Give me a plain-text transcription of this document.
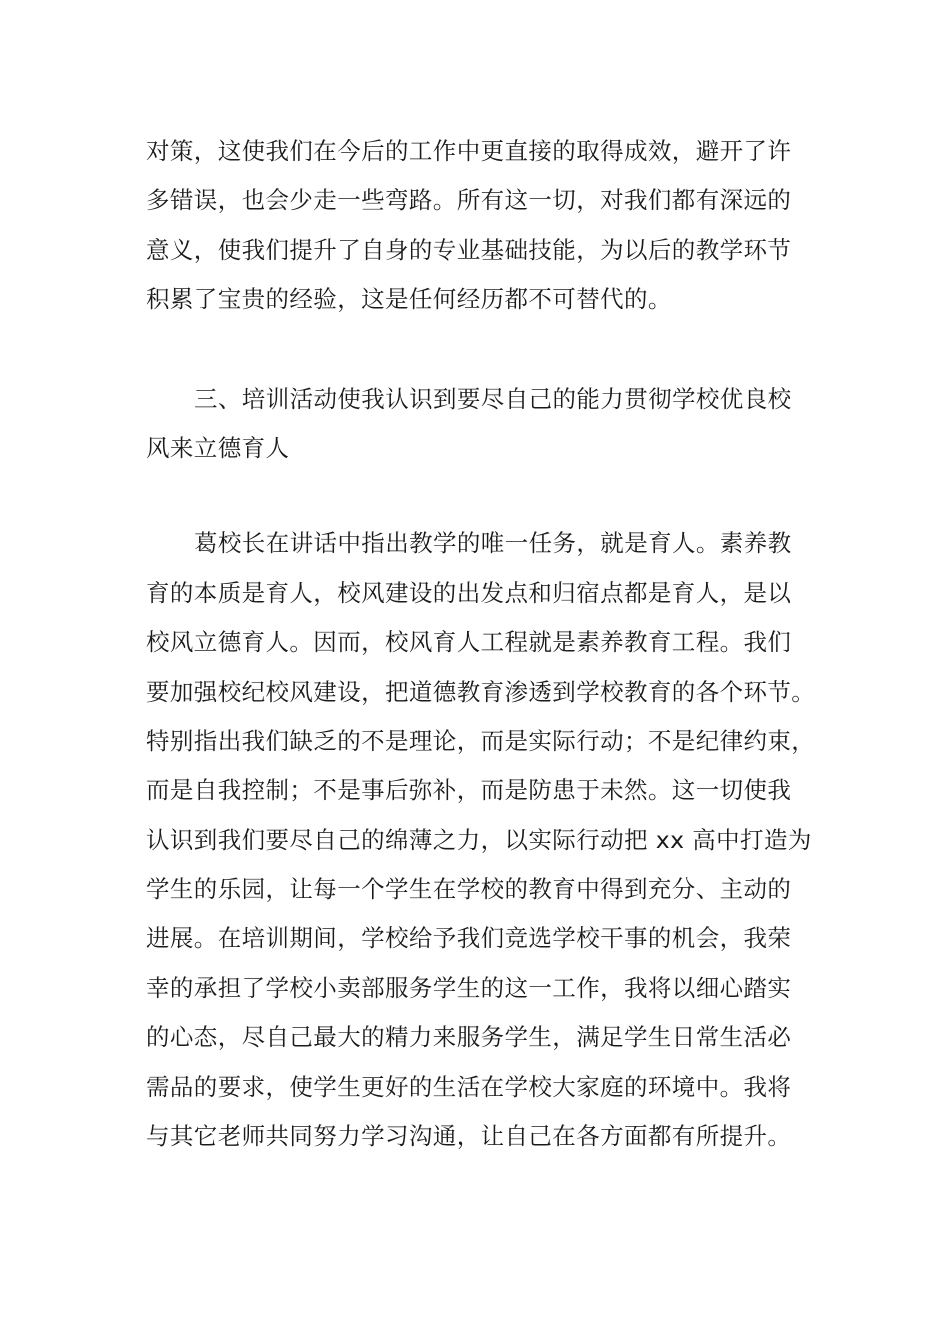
对策，这使我们在今后的工作中更直接的取得成效，避开了许
多错误，也会少走一些弯路。所有这一切，对我们都有深远的
意义，使我们提升了自身的专业基础技能，为以后的教学环节
积累了宝贵的经验，这是任何经历都不可替代的。
三、培训活动使我认识到要尽自己的能力贯彻学校优良校
风来立德育人
葛校长在讲话中指出教学的唯一任务，就是育人。素养教
育的本质是育人，校风建设的出发点和归宿点都是育人，是以
校风立德育人。因而，校风育人工程就是素养教育工程。我们
要加强校纪校风建设，把道德教育渗透到学校教育的各个环节。
特别指出我们缺乏的不是理论，而是实际行动；不是纪律约束，
而是自我控制；不是事后弥补，而是防患于未然。这一切使我
认识到我们要尽自己的绵薄之力，以实际行动把 xx 高中打造为
学生的乐园，让每一个学生在学校的教育中得到充分、主动的
进展。在培训期间，学校给予我们竞选学校干事的机会，我荣
幸的承担了学校小卖部服务学生的这一工作，我将以细心踏实
的心态，尽自己最大的精力来服务学生，满足学生日常生活必
需品的要求，使学生更好的生活在学校大家庭的环境中。我将
与其它老师共同努力学习沟通，让自己在各方面都有所提升。
